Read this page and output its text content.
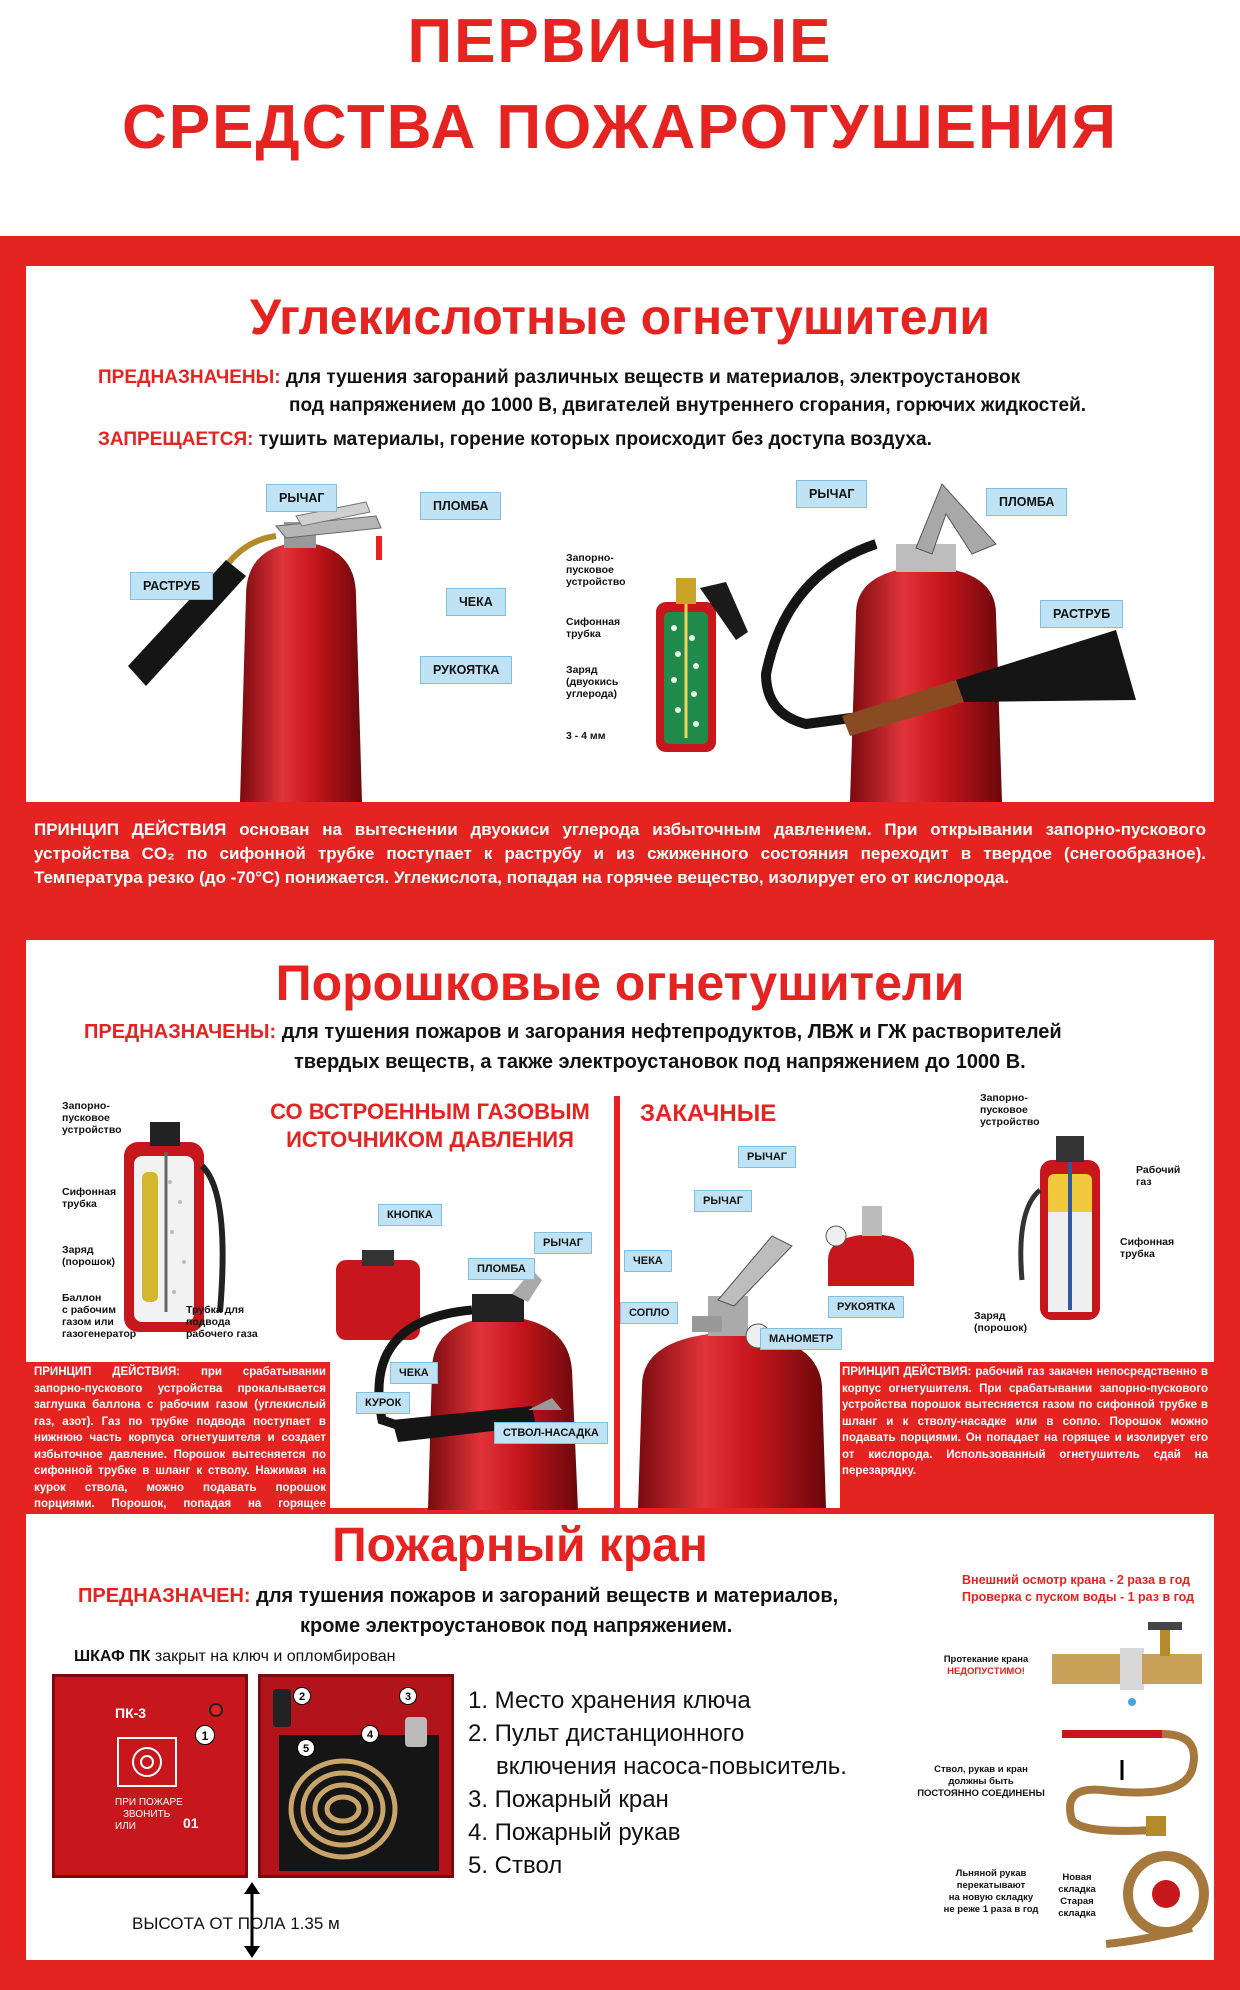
ПЕРВИЧНЫЕ
СРЕДСТВА ПОЖАРОТУШЕНИЯ
Углекислотные огнетушители
ПРЕДНАЗНАЧЕНЫ: для тушения загораний различных веществ и материалов, электроустановок
под напряжением до 1000 В, двигателей внутреннего сгорания, горючих жидкостей.
ЗАПРЕЩАЕТСЯ: тушить материалы, горение которых происходит без доступа воздуха.
РЫЧАГ
ПЛОМБА
РАСТРУБ
ЧЕКА
РУКОЯТКА
Запорно-
пусковое
устройство
Сифонная
трубка
Заряд
(двуокись
углерода)
3 - 4 мм
РЫЧАГ
ПЛОМБА
РАСТРУБ
ПРИНЦИП ДЕЙСТВИЯ основан на вытеснении двуокиси углерода избыточным давлением. При открывании запорно-пускового устройства CO₂ по сифонной трубке поступает к раструбу и из сжиженного состояния переходит в твердое (снегообразное). Температура резко (до -70°С) понижается. Углекислота, попадая на горячее вещество, изолирует его от кислорода.
Порошковые огнетушители
ПРЕДНАЗНАЧЕНЫ: для тушения пожаров и загорания нефтепродуктов, ЛВЖ и ГЖ растворителей
твердых веществ, а также электроустановок под напряжением до 1000 В.
СО ВСТРОЕННЫМ ГАЗОВЫМ
ИСТОЧНИКОМ ДАВЛЕНИЯ
Запорно-
пусковое
устройство
Сифонная
трубка
Заряд
(порошок)
Баллон
с рабочим
газом или
газогенератор
Трубка для
подвода
рабочего газа
КНОПКА
РЫЧАГ
ПЛОМБА
ЧЕКА
КУРОК
СТВОЛ-НАСАДКА
ПРИНЦИП ДЕЙСТВИЯ: при срабатывании запорно-пускового устройства прокалывается заглушка баллона с рабочим газом (углекислый газ, азот). Газ по трубке подвода поступает в нижнюю часть корпуса огнетушителя и создает избыточное давление. Порошок вытесняется по сифонной трубке в шланг к стволу. Нажимая на курок ствола, можно подавать порошок порциями. Порошок, попадая на горящее
ЗАКАЧНЫЕ
РЫЧАГ
РЫЧАГ
ЧЕКА
СОПЛО	РУКОЯТКА
МАНОМЕТР
Запорно-
пусковое
устройство
Рабочий
газ
Сифонная
трубка
Заряд
(порошок)
ПРИНЦИП ДЕЙСТВИЯ: рабочий газ закачен непосредственно в корпус огнетушителя. При срабатывании запорно-пускового устройства порошок вытесняется газом по сифонной трубке в шланг и к стволу-насадке или в сопло. Порошок можно подавать порциями. Он попадает на горящее и изолирует его от кислорода. Использованный огнетушитель сдай на перезарядку.
Пожарный кран
ПРЕДНАЗНАЧЕН: для тушения пожаров и загораний веществ и материалов,
кроме электроустановок под напряжением.
Внешний осмотр крана - 2 раза в год
Проверка с пуском воды - 1 раз в год
ШКАФ ПК закрыт на ключ и опломбирован
ПК-3
ПРИ ПОЖАРЕ
ЗВОНИТЬ
ИЛИ	01
1
2	3
4
5
ВЫСОТА ОТ ПОЛА 1.35 м
1. Место хранения ключа
2. Пульт дистанционного
включения насоса-повыситель.
3. Пожарный кран
4. Пожарный рукав
5. Ствол
Протекание крана
НЕДОПУСТИМО!
Ствол, рукав и кран
должны быть
ПОСТОЯННО СОЕДИНЕНЫ
Льняной рукав
перекатывают
на новую складку
не реже 1 раза в год
Новая
складка
Старая
складка
